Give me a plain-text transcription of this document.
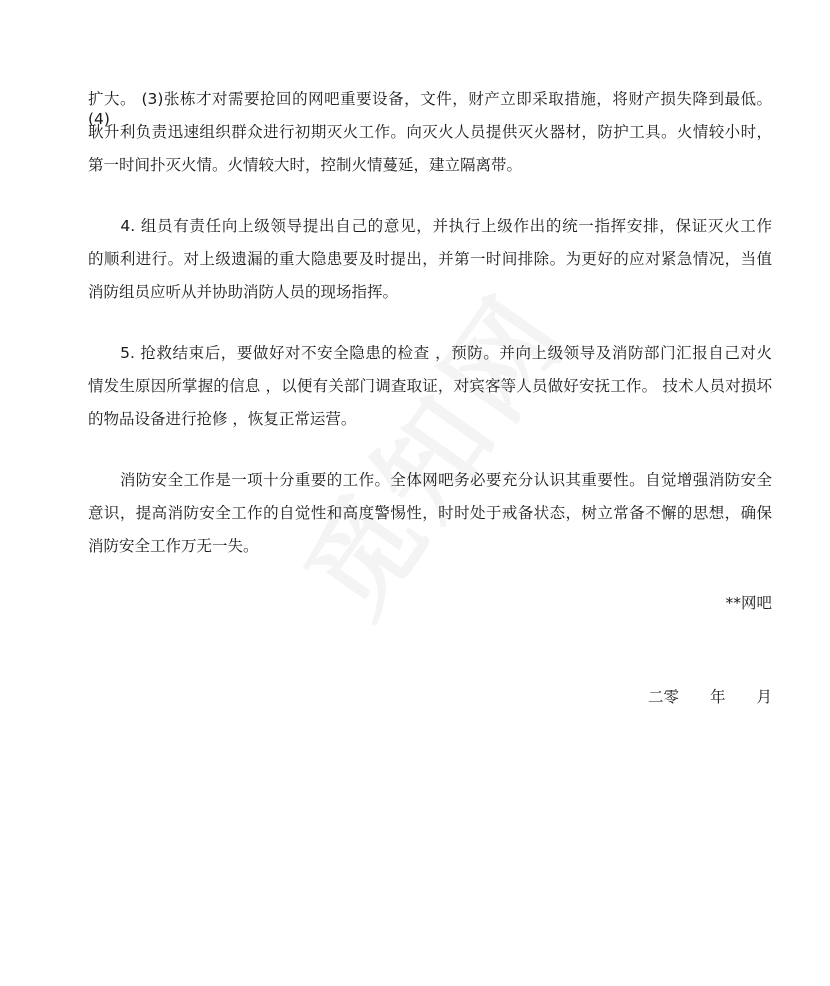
扩大。 (3)张栋才对需要抢回的网吧重要设备，文件，财产立即采取措施，将财产损失降到最低。 (4)
耿升利负责迅速组织群众进行初期灭火工作。向灭火人员提供灭火器材，防护工具。火情较小时，
第一时间扑灭火情。火情较大时，控制火情蔓延，建立隔离带。
　　4. 组员有责任向上级领导提出自己的意见，并执行上级作出的统一指挥安排，保证灭火工作
的顺利进行。对上级遗漏的重大隐患要及时提出，并第一时间排除。为更好的应对紧急情况，当值
消防组员应听从并协助消防人员的现场指挥。
　　5. 抢救结束后，要做好对不安全隐患的检查 ，预防。并向上级领导及消防部门汇报自己对火
情发生原因所掌握的信息 ，以便有关部门调查取证，对宾客等人员做好安抚工作。 技术人员对损坏
的物品设备进行抢修 ，恢复正常运营。
　　消防安全工作是一项十分重要的工作。全体网吧务必要充分认识其重要性。自觉增强消防安全
意识，提高消防安全工作的自觉性和高度警惕性，时时处于戒备状态，树立常备不懈的思想，确保
消防安全工作万无一失。
**网吧
二零　　年　　月
